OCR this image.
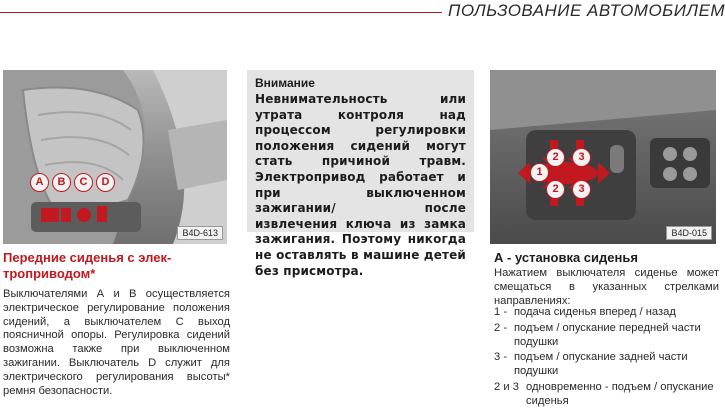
ПОЛЬЗОВАНИЕ АВТОМОБИЛЕМ
A	B	C	D
B4D-613

Внимание

Невнимательность или утрата контроля над процессом регулировки положения сидений могут стать причиной травм. Электропривод работает и при выключенном зажигании/ после извлечения ключа из замка зажигания. Поэтому никогда не оставлять в машине детей без присмотра.

1
2	3
2	3
B4D-015
Передние сиденья с элек-
троприводом*

Выключателями А и В осуществляется электрическое регулирование положения сидений, а выключателем С выход поясничной опоры. Регулировка сидений возможна также при выключенном зажигании. Выключатель D служит для электрического регулирования высоты* ремня безопасности.

А - установка сиденья

Нажатием выключателя сиденье может смещаться в указанных стрелками направлениях:

1 - подача сиденья вперед / назад
2 - подъем / опускание передней части подушки
3 - подъем / опускание задней части подушки
2 и 3 одновременно - подъем / опускание сиденья
